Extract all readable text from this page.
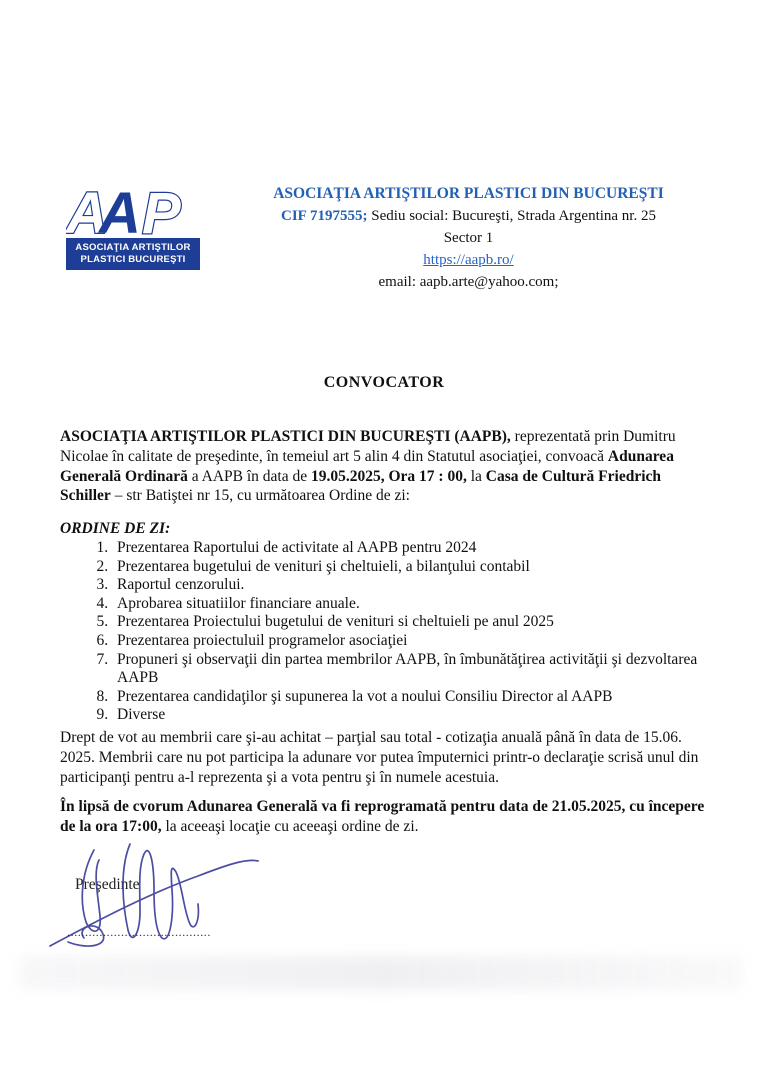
A
A P
ASOCIAŢIA ARTIŞTILOR
PLASTICI BUCUREŞTI
ASOCIAŢIA ARTIŞTILOR PLASTICI DIN BUCUREŞTI
CIF 7197555; Sediu social: Bucureşti, Strada Argentina nr. 25
Sector 1
https://aapb.ro/
email: aapb.arte@yahoo.com;
CONVOCATOR

ASOCIAŢIA ARTIŞTILOR PLASTICI DIN BUCUREŞTI (AAPB), reprezentată prin Dumitru Nicolae în calitate de preşedinte, în temeiul art 5 alin 4 din Statutul asociaţiei, convoacă Adunarea Generală Ordinară a AAPB în data de 19.05.2025, Ora 17 : 00, la Casa de Cultură Friedrich Schiller – str Batiştei nr 15, cu următoarea Ordine de zi:

ORDINE DE ZI:
1. Prezentarea Raportului de activitate al AAPB pentru 2024
2. Prezentarea bugetului de venituri şi cheltuieli, a bilanţului contabil
3. Raportul cenzorului.
4. Aprobarea situatiilor financiare anuale.
5. Prezentarea Proiectului bugetului de venituri si cheltuieli pe anul 2025
6. Prezentarea proiectuluil programelor asociaţiei
7. Propuneri şi observaţii din partea membrilor AAPB, în îmbunătăţirea activităţii şi dezvoltarea AAPB
8. Prezentarea candidaţilor şi supunerea la vot a noului Consiliu Director al AAPB
9. Diverse

Drept de vot au membrii care şi-au achitat – parţial sau total - cotizaţia anuală până în data de 15.06. 2025. Membrii care nu pot participa la adunare vor putea împuternici printr-o declaraţie scrisă unul din participanţi pentru a-l reprezenta şi a vota pentru şi în numele acestuia.

În lipsă de cvorum Adunarea Generală va fi reprogramată pentru data de 21.05.2025, cu începere de la ora 17:00, la aceeaşi locaţie cu aceeaşi ordine de zi.

Preşedinte
........................................
